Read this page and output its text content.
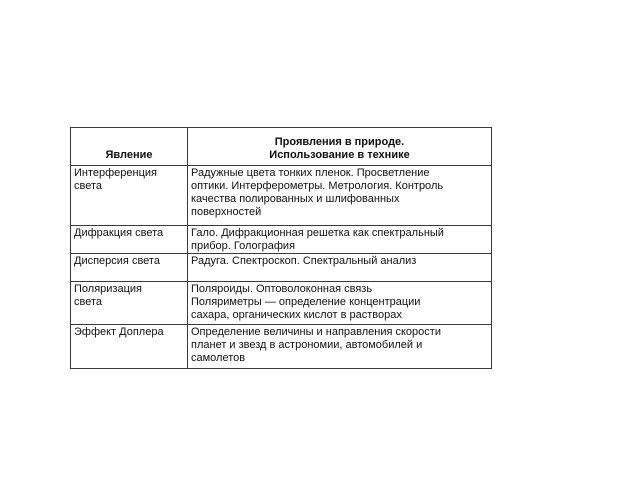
Явление	Проявления в природе.
Использование в технике

Интерференция
света	Радужные цвета тонких пленок. Просветление
оптики. Интерферометры. Метрология. Контроль
качества полированных и шлифованных
поверхностей

Дифракция света	Гало. Дифракционная решетка как спектральный
прибор. Голография

Дисперсия света	Радуга. Спектроскоп. Спектральный анализ

Поляризация
света	Поляроиды. Оптоволоконная связь
Поляриметры — определение концентрации
сахара, органических кислот в растворах

Эффект Доплера	Определение величины и направления скорости
планет и звезд в астрономии, автомобилей и
самолетов
